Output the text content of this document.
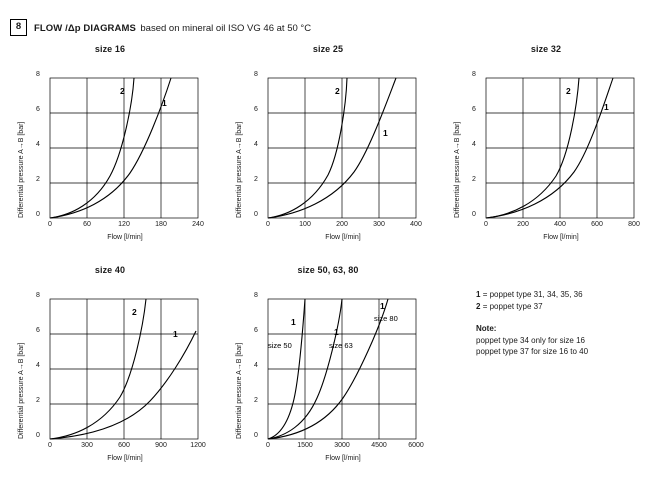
8	FLOW /Δp DIAGRAMS based on mineral oil ISO VG 46 at 50 °C
size 16
Differential pressure A→B [bar]	0
2
4
6
8
0	60	120	180	240
Flow [l/min]
2
1
size 25
Differential pressure A→B [bar]	0
2
4
6
8
0	100	200	300	400
Flow [l/min]
2
1
size 32
Differential pressure A→B [bar]	0
2
4
6
8
0	200	400	600	800
Flow [l/min]
2
1
size 40
Differential pressure A→B [bar]	0
2
4
6
8
0	300	600	900	1200
Flow [l/min]
2
1
size 50, 63, 80
Differential pressure A→B [bar]	0
2
4
6
8
0	1500	3000	4500	6000
Flow [l/min]
1
1
1
size 50	size 63
size 80
1 = poppet type 31, 34, 35, 36
2 = poppet type 37
Note:
poppet type 34 only for size 16
poppet type 37 for size 16 to 40
